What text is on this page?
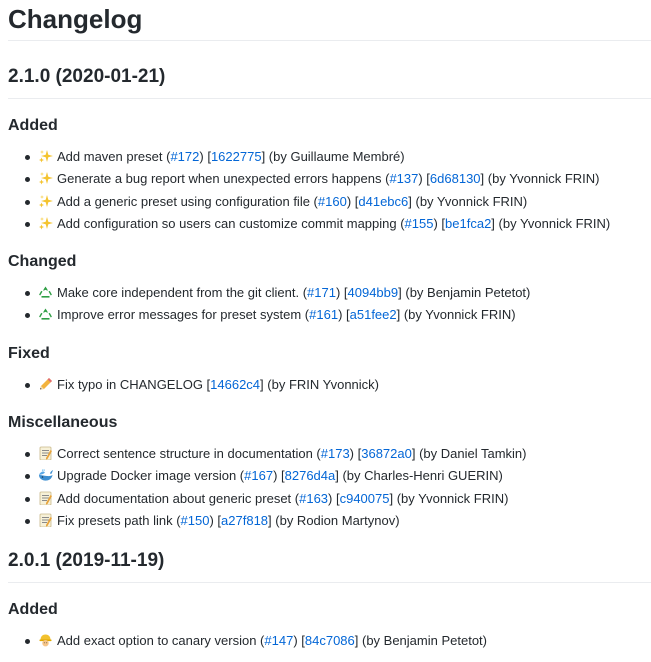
Changelog
2.1.0 (2020-01-21)
Added
Add maven preset (#172) [1622775] (by Guillaume Membré)
Generate a bug report when unexpected errors happens (#137) [6d68130] (by Yvonnick FRIN)
Add a generic preset using configuration file (#160) [d41ebc6] (by Yvonnick FRIN)
Add configuration so users can customize commit mapping (#155) [be1fca2] (by Yvonnick FRIN)
Changed
Make core independent from the git client. (#171) [4094bb9] (by Benjamin Petetot)
Improve error messages for preset system (#161) [a51fee2] (by Yvonnick FRIN)
Fixed
Fix typo in CHANGELOG [14662c4] (by FRIN Yvonnick)
Miscellaneous
Correct sentence structure in documentation (#173) [36872a0] (by Daniel Tamkin)
Upgrade Docker image version (#167) [8276d4a] (by Charles-Henri GUERIN)
Add documentation about generic preset (#163) [c940075] (by Yvonnick FRIN)
Fix presets path link (#150) [a27f818] (by Rodion Martynov)
2.0.1 (2019-11-19)
Added
Add exact option to canary version (#147) [84c7086] (by Benjamin Petetot)
